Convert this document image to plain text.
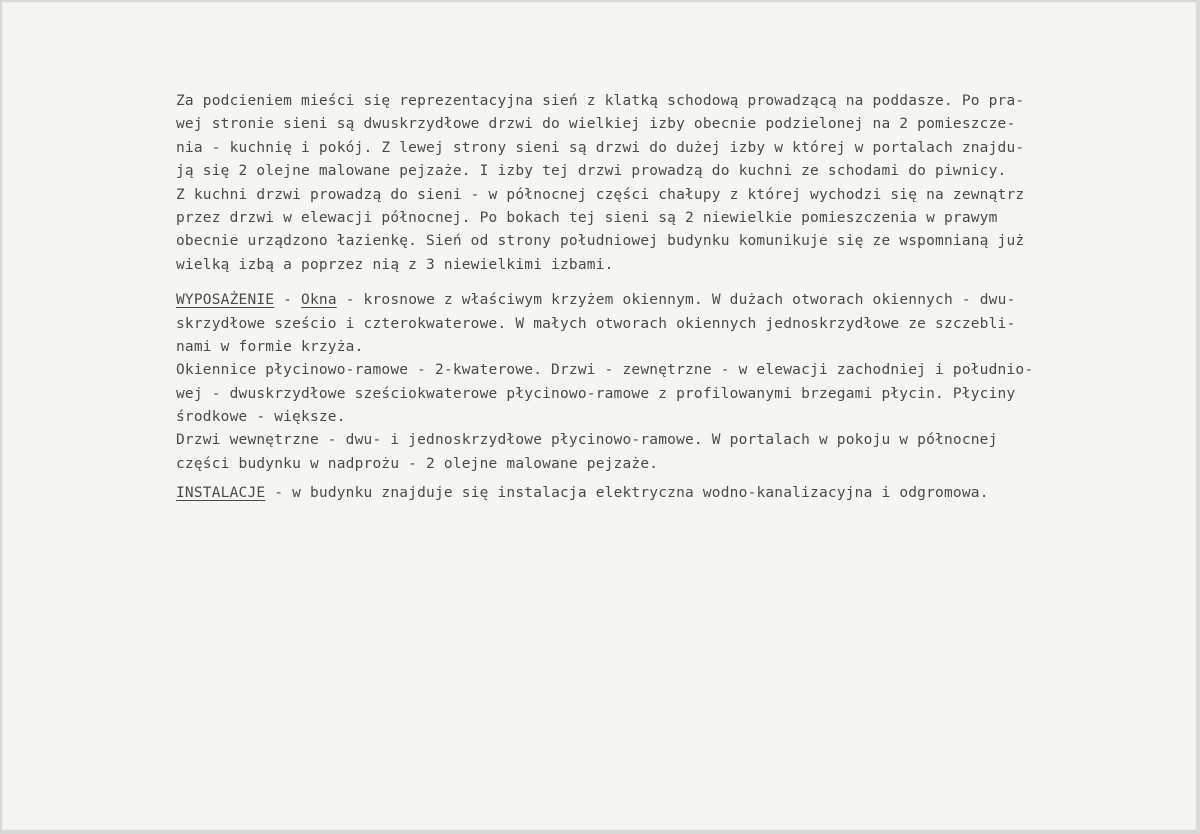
Za podcieniem mieści się reprezentacyjna sień z klatką schodową prowadzącą na poddasze. Po pra-
wej stronie sieni są dwuskrzydłowe drzwi do wielkiej izby obecnie podzielonej na 2 pomieszcze-
nia - kuchnię i pokój. Z lewej strony sieni są drzwi do dużej izby w której w portalach znajdu-
ją się 2 olejne malowane pejzaże. I izby tej drzwi prowadzą do kuchni ze schodami do piwnicy.
Z kuchni drzwi prowadzą do sieni - w północnej części chałupy z której wychodzi się na zewnątrz
przez drzwi w elewacji północnej. Po bokach tej sieni są 2 niewielkie pomieszczenia w prawym
obecnie urządzono łazienkę. Sień od strony południowej budynku komunikuje się ze wspomnianą już
wielką izbą a poprzez nią z 3 niewielkimi izbami.
WYPOSAŻENIE - Okna - krosnowe z właściwym krzyżem okiennym. W dużach otworach okiennych - dwu-
skrzydłowe sześcio i czterokwaterowe. W małych otworach okiennych jednoskrzydłowe ze szczebli-
nami w formie krzyża.
Okiennice płycinowo-ramowe - 2-kwaterowe. Drzwi - zewnętrzne - w elewacji zachodniej i południo-
wej - dwuskrzydłowe sześciokwaterowe płycinowo-ramowe z profilowanymi brzegami płycin. Płyciny
środkowe - większe.
Drzwi wewnętrzne - dwu- i jednoskrzydłowe płycinowo-ramowe. W portalach w pokoju w północnej
części budynku w nadprożu - 2 olejne malowane pejzaże.
INSTALACJE - w budynku znajduje się instalacja elektryczna wodno-kanalizacyjna i odgromowa.
